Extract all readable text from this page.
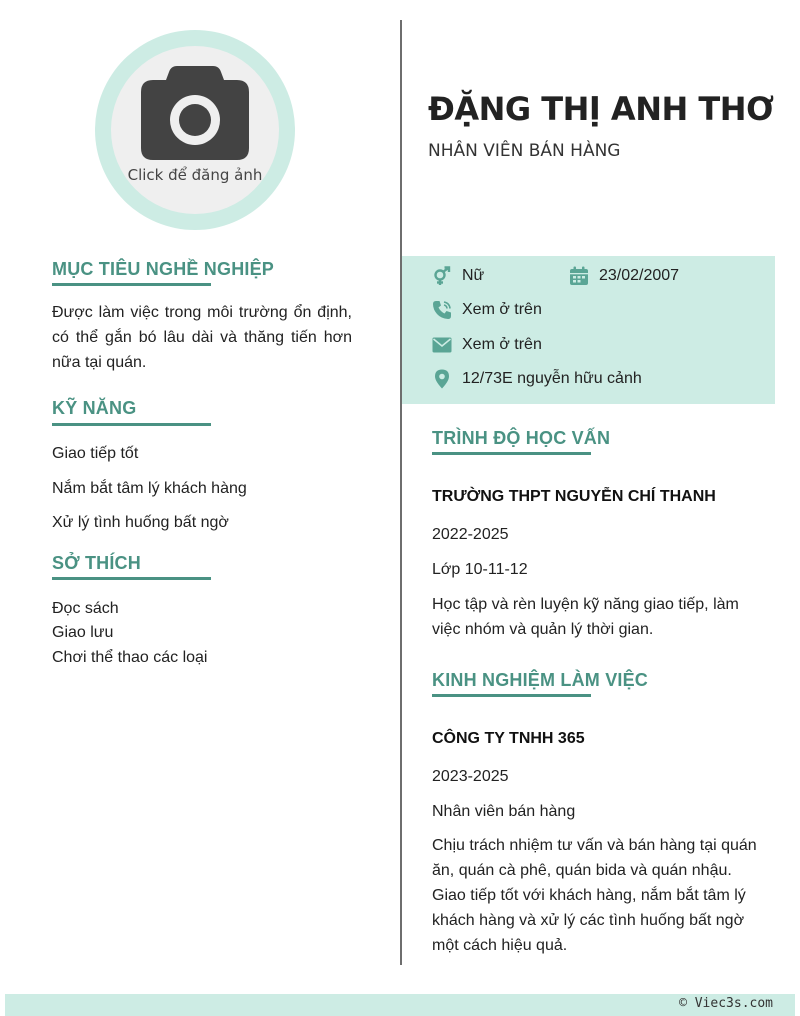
Click để đăng ảnh
MỤC TIÊU NGHỀ NGHIỆP
Được làm việc trong môi trường ổn định, có thể gắn bó lâu dài và thăng tiến hơn nữa tại quán.
KỸ NĂNG
Giao tiếp tốt
Nắm bắt tâm lý khách hàng
Xử lý tình huống bất ngờ
SỞ THÍCH
Đọc sách
Giao lưu
Chơi thể thao các loại
ĐẶNG THỊ ANH THƠ
NHÂN VIÊN BÁN HÀNG
Nữ	23/02/2007
Xem ở trên
Xem ở trên
12/73E nguyễn hữu cảnh
TRÌNH ĐỘ HỌC VẤN
TRƯỜNG THPT NGUYỄN CHÍ THANH
2022-2025
Lớp 10-11-12
Học tập và rèn luyện kỹ năng giao tiếp, làm việc nhóm và quản lý thời gian.
KINH NGHIỆM LÀM VIỆC
CÔNG TY TNHH 365
2023-2025
Nhân viên bán hàng
Chịu trách nhiệm tư vấn và bán hàng tại quán ăn, quán cà phê, quán bida và quán nhậu. Giao tiếp tốt với khách hàng, nắm bắt tâm lý khách hàng và xử lý các tình huống bất ngờ một cách hiệu quả.
© Viec3s.com
